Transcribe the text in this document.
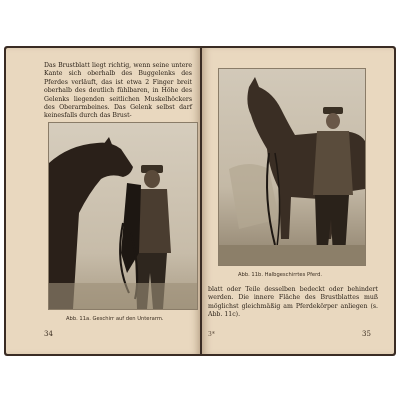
Das Brustblatt liegt richtig, wenn seine untere Kante sich oberhalb des Buggelenks des Pferdes verläuft, das ist etwa 2 Finger breit oberhalb des deutlich fühlbaren, in Höhe des Gelenks liegenden seitlichen Muskelhöckers des Oberarmbeines. Das Gelenk selbst darf keinesfalls durch das Brust-

Abb. 11a. Geschirr auf den Unterarm.
34
Abb. 11b. Halbgeschirrtes Pferd.

blatt oder Teile desselben bedeckt oder behindert werden. Die innere Fläche des Brustblattes muß möglichst gleichmäßig am Pferdekörper anliegen (s. Abb. 11c).

3*	35
